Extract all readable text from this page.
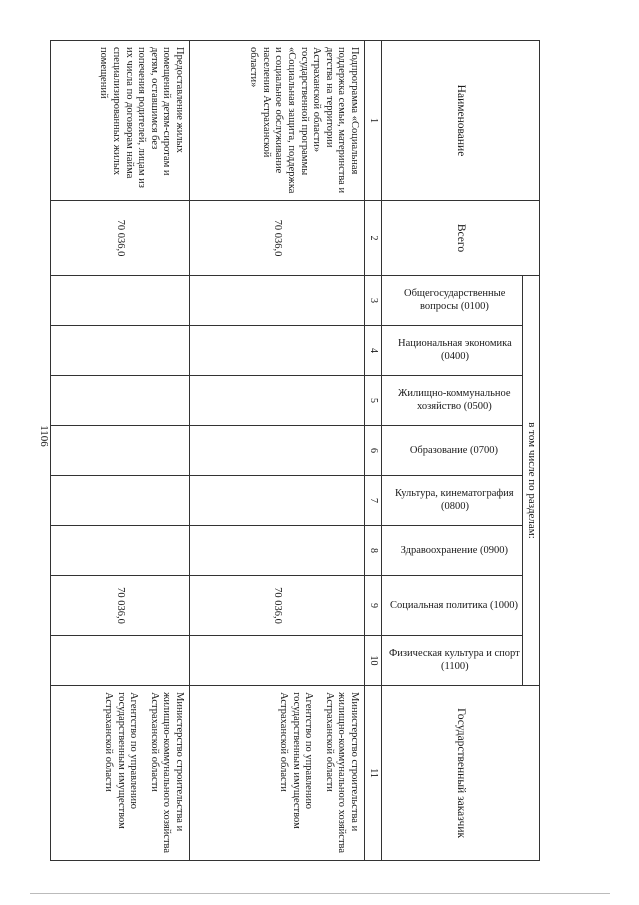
1106
Наименование	Всего	в том числе по разделам:								Государственный заказчик
		Общегосударственные вопросы (0100)	Национальная экономика (0400)	Жилищно-коммунальное хозяйство (0500)	Образование (0700)	Культура, кинематография (0800)	Здравоохранение (0900)	Социальная политика (1000)	Физическая культура и спорт (1100)	
1	2	3	4	5	6	7	8	9	10	11
Подпрограмма «Социальная поддержка семьи, материнства и детства на территории Астраханской области» государственной программы «Социальная защита, поддержка и социальное обслуживание населения Астраханской области»	70 036,0							70 036,0		Министерство строительства и жилищно-коммунального хозяйства Астраханской области
Агентство по управлению государственным имуществом Астраханской области

Предоставление жилых помещений детям-сиротам и детям, оставшимся без попечения родителей, лицам из их числа по договорам найма специализированных жилых помещений	70 036,0							70 036,0		Министерство строительства и жилищно-коммунального хозяйства Астраханской области
Агентство по управлению государственным имуществом Астраханской области
